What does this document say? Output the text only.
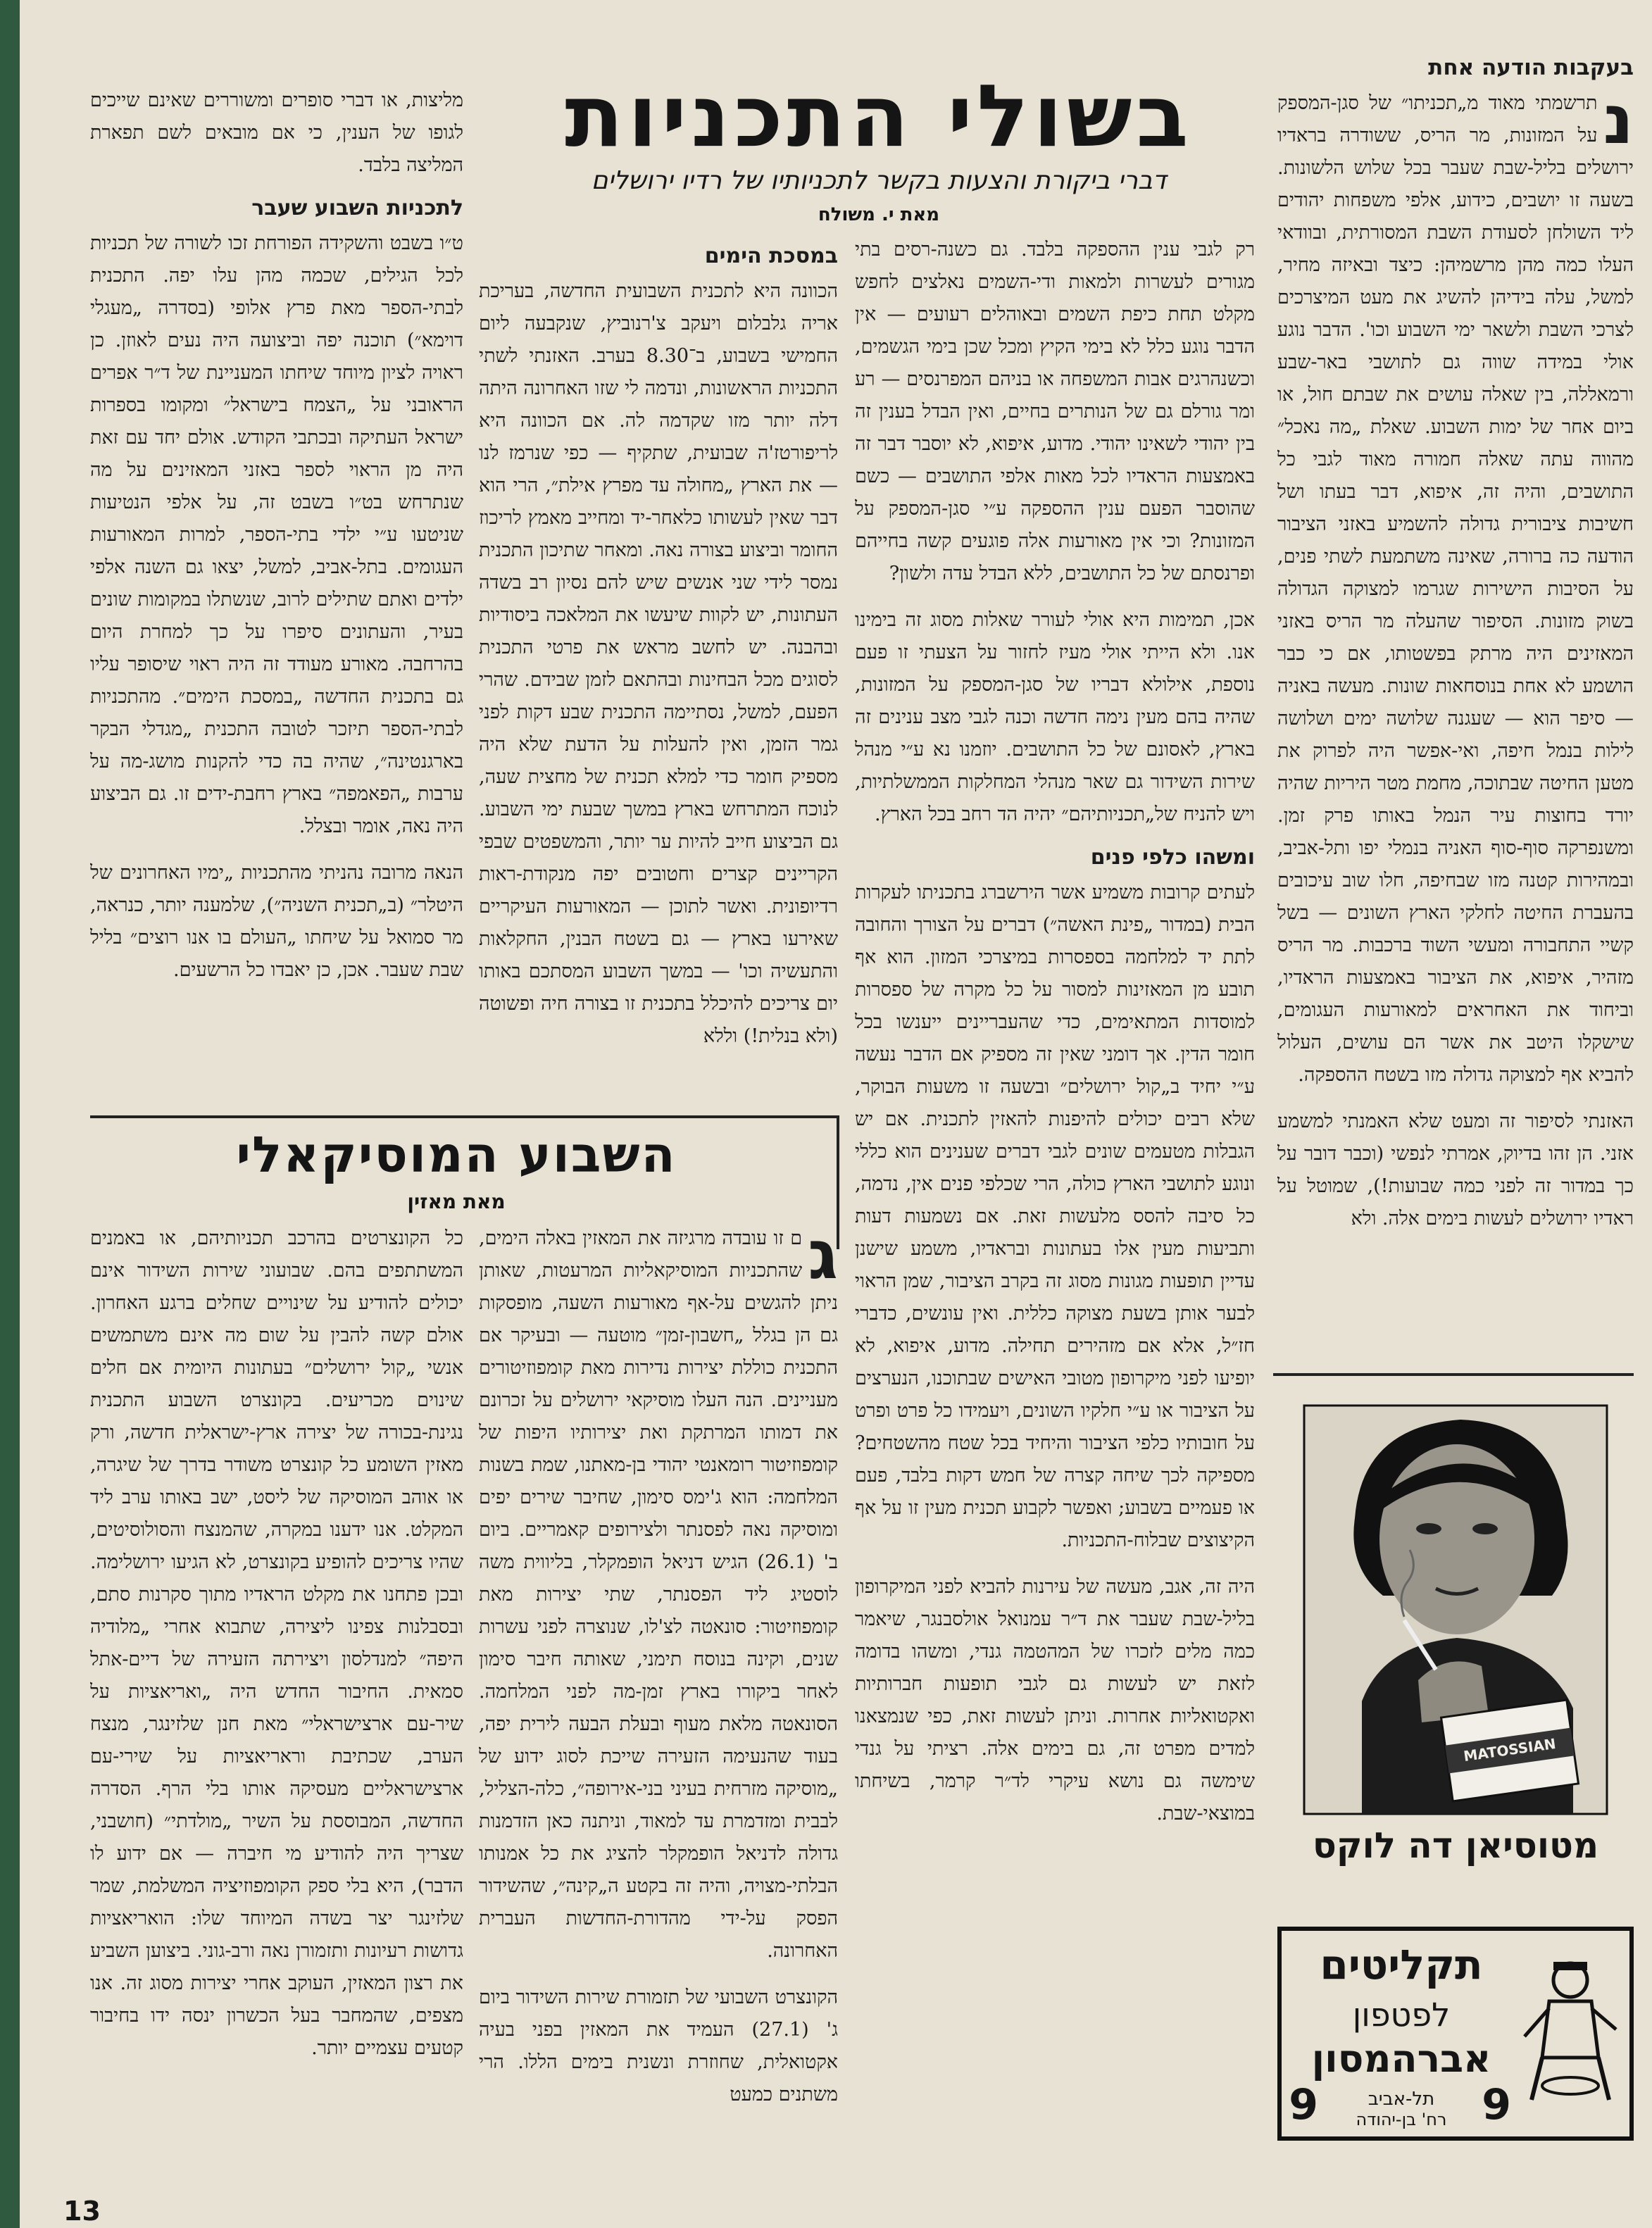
בעקבות הודעה אחת

נ
תרשמתי מאוד מ„תכניתו״ של סגן-המספק על המזונות, מר הריס, ששודרה בראדיו ירושלים בליל-שבת שעבר בכל שלוש הלשונות. בשעה זו יושבים, כידוע, אלפי משפחות יהודים ליד השולחן לסעודת השבת המסורתית, ובוודאי העלו כמה מהן מרשמיהן: כיצד ובאיזה מחיר, למשל, עלה בידיהן להשיג את מעט המיצרכים לצרכי השבת ולשאר ימי השבוע וכו'. הדבר נוגע אולי במידה שווה גם לתושבי באר-שבע ורמאללה, בין שאלה עושים את שבתם חול, או ביום אחר של ימות השבוע. שאלת „מה נאכל״ מהווה עתה שאלה חמורה מאוד לגבי כל התושבים, והיה זה, איפוא, דבר בעתו ושל חשיבות ציבורית גדולה להשמיע באזני הציבור הודעה כה ברורה, שאינה משתמעת לשתי פנים, על הסיבות הישירות שגרמו למצוקה הגדולה בשוק מזונות. הסיפור שהעלה מר הריס באזני המאזינים היה מרתק בפשטותו, אם כי כבר הושמע לא אחת בנוסחאות שונות. מעשה באניה — סיפר הוא — שעגנה שלושה ימים ושלושה לילות בנמל חיפה, ואי-אפשר היה לפרוק את מטען החיטה שבתוכה, מחמת מטר היריות שהיה יורד בחוצות עיר הנמל באותו פרק זמן. ומשנפרקה סוף-סוף האניה בנמלי יפו ותל-אביב, ובמהירות קטנה מזו שבחיפה, חלו שוב עיכובים בהעברת החיטה לחלקי הארץ השונים — בשל קשיי התחבורה ומעשי השוד ברכבות. מר הריס מזהיר, איפוא, את הציבור באמצעות הראדיו, וביחוד את האחראים למאורעות העגומים, שישקלו היטב את אשר הם עושים, העלול להביא אף למצוקה גדולה מזו בשטח ההספקה.

האזנתי לסיפור זה ומעט שלא האמנתי למשמע אזני. הן זהו בדיוק, אמרתי לנפשי (וכבר דובר על כך במדור זה לפני כמה שבועות!), שמוטל על ראדיו ירושלים לעשות בימים אלה. ולא

בשולי התכניות
דברי ביקורת והצעות בקשר לתכניותיו של רדיו ירושלים
מאת י. משולח

רק לגבי ענין ההספקה בלבד. גם כשנה-רסים בתי מגורים לעשרות ולמאות ודי-השמים נאלצים לחפש מקלט תחת כיפת השמים ובאוהלים רעועים — אין הדבר נוגע כלל לא בימי הקיץ ומכל שכן בימי הגשמים, וכשנהרגים אבות המשפחה או בניהם המפרנסים — רע ומר גורלם גם של הנותרים בחיים, ואין הבדל בענין זה בין יהודי לשאינו יהודי. מדוע, איפוא, לא יוסבר דבר זה באמצעות הראדיו לכל מאות אלפי התושבים — כשם שהוסבר הפעם ענין ההספקה ע״י סגן-המספק על המזונות? וכי אין מאורעות אלה פוגעים קשה בחייהם ופרנסתם של כל התושבים, ללא הבדל עדה ולשון?

אכן, תמימות היא אולי לעורר שאלות מסוג זה בימינו אנו. ולא הייתי אולי מעיז לחזור על הצעתי זו פעם נוספת, אילולא דבריו של סגן-המספק על המזונות, שהיה בהם מעין נימה חדשה וכנה לגבי מצב ענינים זה בארץ, לאסונם של כל התושבים. יוזמנו נא ע״י מנהל שירות השידור גם שאר מנהלי המחלקות הממשלתיות, ויש להניח של„תכניותיהם״ יהיה הד רחב בכל הארץ.

ומשהו כלפי פנים

לעתים קרובות משמיע אשר הירשברג בתכניתו לעקרות הבית (במדור „פינת האשה״) דברים על הצורך והחובה לתת יד למלחמה בספסרות במיצרכי המזון. הוא אף תובע מן המאזינות למסור על כל מקרה של ספסרות למוסדות המתאימים, כדי שהעבריינים ייענשו בכל חומר הדין. אך דומני שאין זה מספיק אם הדבר נעשה ע״י יחיד ב„קול ירושלים״ ובשעה זו משעות הבוקר, שלא רבים יכולים להיפנות להאזין לתכנית. אם יש הגבלות מטעמים שונים לגבי דברים שענינים הוא כללי ונוגע לתושבי הארץ כולה, הרי שכלפי פנים אין, נדמה, כל סיבה להסס מלעשות זאת. אם נשמעות דעות ותביעות מעין אלו בעתונות ובראדיו, משמע שישנן עדיין תופעות מגונות מסוג זה בקרב הציבור, שמן הראוי לבער אותן בשעת מצוקה כללית. ואין עונשים, כדברי חז״ל, אלא אם מזהירים תחילה. מדוע, איפוא, לא יופיעו לפני מיקרופון מטובי האישים שבתוכנו, הנערצים על הציבור או ע״י חלקיו השונים, ויעמידו כל פרט ופרט על חובותיו כלפי הציבור והיחיד בכל שטח מהשטחים? מספיקה לכך שיחה קצרה של חמש דקות בלבד, פעם או פעמיים בשבוע; ואפשר לקבוע תכנית מעין זו על אף הקיצוצים שבלוח-התכניות.

היה זה, אגב, מעשה של עירנות להביא לפני המיקרופון בליל-שבת שעבר את ד״ר עמנואל אולסבנגר, שיאמר כמה מלים לזכרו של המהטמה גנדי, ומשהו בדומה לזאת יש לעשות גם לגבי תופעות חברותיות ואקטואליות אחרות. וניתן לעשות זאת, כפי שנמצאנו למדים מפרט זה, גם בימים אלה. רציתי על גנדי שימשה גם נושא עיקרי לד״ר קרמר, בשיחתו במוצאי-שבת.

במסכת הימים

הכוונה היא לתכנית השבועית החדשה, בעריכת אריה גלבלום ויעקב צ'רנוביץ, שנקבעה ליום החמישי בשבוע, ב־8.30 בערב. האזנתי לשתי התכניות הראשונות, ונדמה לי שזו האחרונה היתה דלה יותר מזו שקדמה לה. אם הכוונה היא לריפורטז'ה שבועית, שתקיף — כפי שנרמז לנו — את הארץ „מחולה עד מפרץ אילת״, הרי הוא דבר שאין לעשותו כלאחר-יד ומחייב מאמץ לריכוז החומר וביצוע בצורה נאה. ומאחר שתיכון התכנית נמסר לידי שני אנשים שיש להם נסיון רב בשדה העתונות, יש לקוות שיעשו את המלאכה ביסודיות ובהבנה. יש לחשב מראש את פרטי התכנית לסוגים מכל הבחינות ובהתאם לזמן שבידם. שהרי הפעם, למשל, נסתיימה התכנית שבע דקות לפני גמר הזמן, ואין להעלות על הדעת שלא היה מספיק חומר כדי למלא תכנית של מחצית שעה, לנוכח המתרחש בארץ במשך שבעת ימי השבוע. גם הביצוע חייב להיות ער יותר, והמשפטים שבפי הקריינים קצרים וחטובים יפה מנקודת-ראות רדיופונית. ואשר לתוכן — המאורעות העיקריים שאירעו בארץ — גם בשטח הבנין, החקלאות והתעשיה וכו' — במשך השבוע המסתכם באותו יום צריכים להיכלל בתכנית זו בצורה חיה ופשוטה (ולא בנלית!) וללא

מליצות, או דברי סופרים ומשוררים שאינם שייכים לגופו של הענין, כי אם מובאים לשם תפארת המליצה בלבד.

לתכניות השבוע שעבר

ט״ו בשבט והשקידה הפורחת זכו לשורה של תכניות לכל הגילים, שכמה מהן עלו יפה. התכנית לבתי-הספר מאת פרץ אלופי (בסדרה „מעגלי דוימא״) תוכנה יפה וביצועה היה נעים לאוזן. כן ראויה לציון מיוחד שיחתו המעניינת של ד״ר אפרים הראובני על „הצמח בישראל״ ומקומו בספרות ישראל העתיקה ובכתבי הקודש. אולם יחד עם זאת היה מן הראוי לספר באזני המאזינים על מה שנתרחש בט״ו בשבט זה, על אלפי הנטיעות שניטעו ע״י ילדי בתי-הספר, למרות המאורעות העגומים. בתל-אביב, למשל, יצאו גם השנה אלפי ילדים ואתם שתילים לרוב, שנשתלו במקומות שונים בעיר, והעתונים סיפרו על כך למחרת היום בהרחבה. מאורע מעודד זה היה ראוי שיסופר עליו גם בתכנית החדשה „במסכת הימים״. מהתכניות לבתי-הספר תיזכר לטובה התכנית „מגדלי הבקר בארגנטינה״, שהיה בה כדי להקנות מושג-מה על ערבות „הפאמפה״ בארץ רחבת-ידים זו. גם הביצוע היה נאה, אומר ובצלל.

הנאה מרובה נהניתי מהתכניות „ימיו האחרונים של היטלר״ (ב„תכנית השניה״), שלמענה יותר, כנראה, מר סמואל על שיחתו „העולם בו אנו רוצים״ בליל שבת שעבר. אכן, כן יאבדו כל הרשעים.

השבוע המוסיקאלי
מאת מאזין

ג
ם זו עובדה מרגיזה את המאזין באלה הימים, שהתכניות המוסיקאליות המרעטות, שאותן ניתן להגשים על-אף מאורעות השעה, מופסקות גם הן בגלל „חשבון-זמן״ מוטעה — ובעיקר אם התכנית כוללת יצירות נדירות מאת קומפוזיטורים מעניינים. הנה העלו מוסיקאי ירושלים על זכרונם את דמותו המרתקת ואת יצירותיו היפות של קומפוזיטור רומאנטי יהודי בן-מאתנו, שמת בשנות המלחמה: הוא ג'ימס סימון, שחיבר שירים יפים ומוסיקה נאה לפסנתר ולצירופים קאמריים. ביום ב' (26.1) הגיש דניאל הופמקלר, בליווית משה לוסטיג ליד הפסנתר, שתי יצירות מאת קומפוזיטור: סונאטה לצ'לו, שנוצרה לפני עשרות שנים, וקינה בנוסח תימני, שאותה חיבר סימון לאחר ביקורו בארץ זמן-מה לפני המלחמה. הסונאטה מלאת מעוף ובעלת הבעה לירית יפה, בעוד שהנעימה הזעירה שייכת לסוג ידוע של „מוסיקה מזרחית בעיני בני-אירופה״, כלה-הצליל, לבבית ומזדמרת עד למאוד, וניתנה כאן הזדמנות גדולה לדניאל הופמקלר להציג את כל אמנותו הבלתי-מצויה, והיה זה בקטע ה„קינה״, שהשידור הפסק על-ידי מהדורת-החדשות העברית האחרונה.

הקונצרט השבועי של תזמורת שירות השידור ביום ג' (27.1) העמיד את המאזין בפני בעיה אקטואלית, שחוזרת ונשנית בימים הללו. הרי משתנים כמעט

כל הקונצרטים בהרכב תכניותיהם, או באמנים המשתתפים בהם. שבועוני שירות השידור אינם יכולים להודיע על שינויים שחלים ברגע האחרון. אולם קשה להבין על שום מה אינם משתמשים אנשי „קול ירושלים״ בעתונות היומית אם חלים שינוים מכריעים. בקונצרט השבוע התכנית נגינת-בכורה של יצירה ארץ-ישראלית חדשה, ורק מאזין השומע כל קונצרט משודר בדרך של שיגרה, או אוהב המוסיקה של ליסט, ישב באותו ערב ליד המקלט. אנו ידענו במקרה, שהמנצח והסולוסיטים, שהיו צריכים להופיע בקונצרט, לא הגיעו ירושלימה. ובכן פתחנו את מקלט הראדיו מתוך סקרנות סתם, ובסבלנות צפינו ליצירה, שתבוא אחרי „מלודיה היפה״ למנדלסון ויצירתה הזעירה של דיים-אתל סמאית. החיבור החדש היה „ואריאציות על שיר-עם ארצישראלי״ מאת חנן שלזינגר, מנצח הערב, שכתיבת וראריאציות על שירי-עם ארצישראליים מעסיקה אותו בלי הרף. הסדרה החדשה, המבוססת על השיר „מולדתי״ (חושבני, שצריך היה להודיע מי חיברה — אם ידוע לו הדבר), היא בלי ספק הקומפוזיציה המשלמת, שמר שלזינגר יצר בשדה המיוחד שלו: הואריאציות גדושות רעיונות ותזמורן נאה ורב-גוני. ביצוען השביע את רצון המאזין, העוקב אחרי יצירות מסוג זה. אנו מצפים, שהמחבר בעל הכשרון ינסה ידו בחיבור קטעים עצמיים יותר.

MATOSSIAN
מטוסיאן דה לוקס
תקליטים
לפטפון
אברהמסון
9	9
תל-אביב
רח' בן-יהודה
13
